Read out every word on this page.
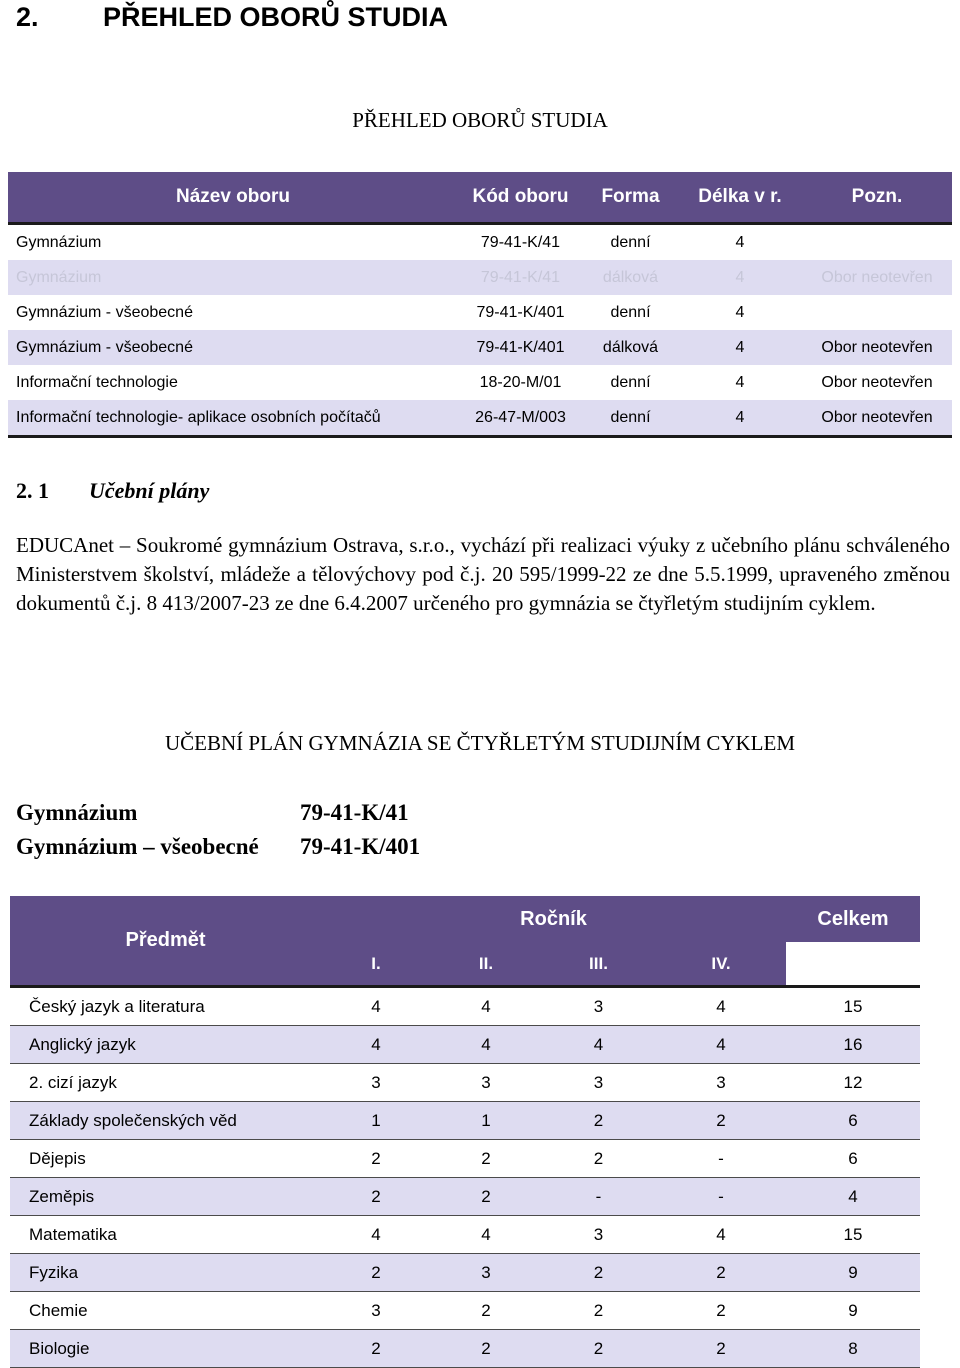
2. PŘEHLED OBORŮ STUDIA
PŘEHLED OBORŮ STUDIA
Název oboru	Kód oboru	Forma	Délka v r.	Pozn.
Gymnázium	79-41-K/41	denní	4	
Gymnázium	79-41-K/41	dálková	4	Obor neotevřen
Gymnázium - všeobecné	79-41-K/401	denní	4	
Gymnázium - všeobecné	79-41-K/401	dálková	4	Obor neotevřen
Informační technologie	18-20-M/01	denní	4	Obor neotevřen
Informační technologie- aplikace osobních počítačů	26-47-M/003	denní	4	Obor neotevřen
2. 1 Učební plány

EDUCAnet – Soukromé gymnázium Ostrava, s.r.o., vychází při realizaci výuky z učebního plánu schváleného Ministerstvem školství, mládeže a tělovýchovy pod č.j. 20 595/1999-22 ze dne 5.5.1999, upraveného změnou dokumentů č.j. 8 413/2007-23 ze dne 6.4.2007 určeného pro gymnázia se čtyřletým studijním cyklem.

UČEBNÍ PLÁN GYMNÁZIA SE ČTYŘLETÝM STUDIJNÍM CYKLEM
Gymnázium	79-41-K/41
Gymnázium – všeobecné 79-41-K/401
Předmět	Ročník				Celkem
	I.	II.	III.	IV.	
Český jazyk a literatura	4	4	3	4	15
Anglický jazyk	4	4	4	4	16
2. cizí jazyk	3	3	3	3	12
Základy společenských věd	1	1	2	2	6
Dějepis	2	2	2	-	6
Zeměpis	2	2	-	-	4
Matematika	4	4	3	4	15
Fyzika	2	3	2	2	9
Chemie	3	2	2	2	9
Biologie	2	2	2	2	8
